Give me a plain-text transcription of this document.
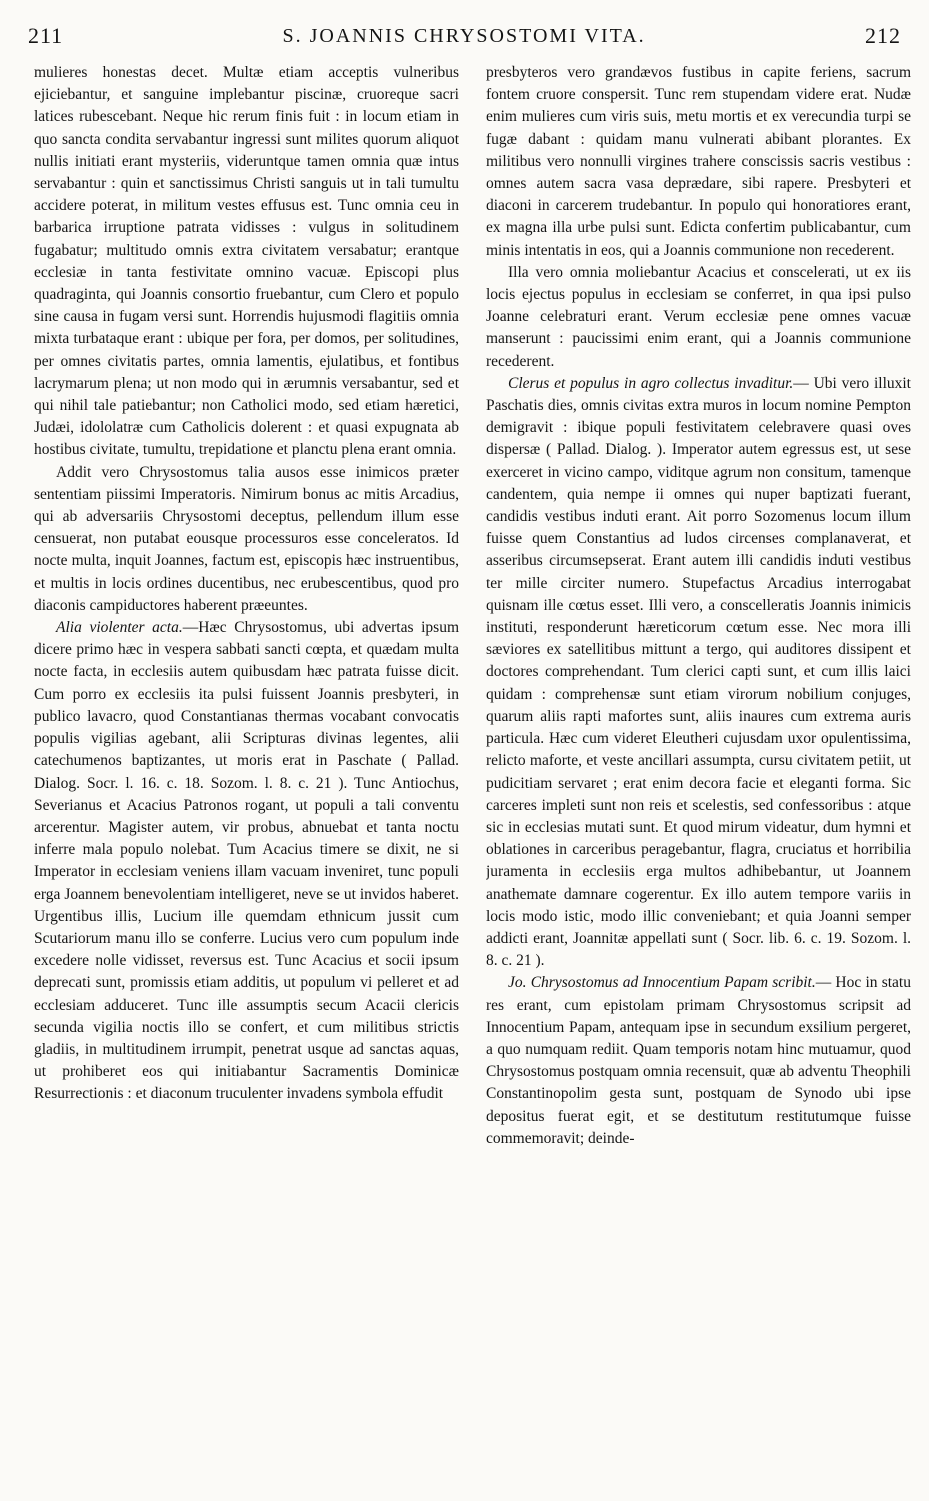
211	S. JOANNIS CHRYSOSTOMI VITA.	212

mulieres honestas decet. Multæ etiam acceptis vulneribus ejiciebantur, et sanguine implebantur piscinæ, cruoreque sacri latices rubescebant. Neque hic rerum finis fuit : in locum etiam in quo sancta condita servabantur ingressi sunt milites quorum aliquot nullis initiati erant mysteriis, videruntque tamen omnia quæ intus servabantur : quin et sanctissimus Christi sanguis ut in tali tumultu accidere poterat, in militum vestes effusus est. Tunc omnia ceu in barbarica irruptione patrata vidisses : vulgus in solitudinem fugabatur; multitudo omnis extra civitatem versabatur; erantque ecclesiæ in tanta festivitate omnino vacuæ. Episcopi plus quadraginta, qui Joannis consortio fruebantur, cum Clero et populo sine causa in fugam versi sunt. Horrendis hujusmodi flagitiis omnia mixta turbataque erant : ubique per fora, per domos, per solitudines, per omnes civitatis partes, omnia lamentis, ejulatibus, et fontibus lacrymarum plena; ut non modo qui in ærumnis versabantur, sed et qui nihil tale patiebantur; non Catholici modo, sed etiam hæretici, Judæi, idololatræ cum Catholicis dolerent : et quasi expugnata ab hostibus civitate, tumultu, trepidatione et planctu plena erant omnia.

Addit vero Chrysostomus talia ausos esse inimicos præter sententiam piissimi Imperatoris. Nimirum bonus ac mitis Arcadius, qui ab adversariis Chrysostomi deceptus, pellendum illum esse censuerat, non putabat eousque processuros esse conceleratos. Id nocte multa, inquit Joannes, factum est, episcopis hæc instruentibus, et multis in locis ordines ducentibus, nec erubescentibus, quod pro diaconis campiductores haberent præeuntes.

Alia violenter acta.—Hæc Chrysostomus, ubi advertas ipsum dicere primo hæc in vespera sabbati sancti cœpta, et quædam multa nocte facta, in ecclesiis autem quibusdam hæc patrata fuisse dicit. Cum porro ex ecclesiis ita pulsi fuissent Joannis presbyteri, in publico lavacro, quod Constantianas thermas vocabant convocatis populis vigilias agebant, alii Scripturas divinas legentes, alii catechumenos baptizantes, ut moris erat in Paschate ( Pallad. Dialog. Socr. l. 16. c. 18. Sozom. l. 8. c. 21 ). Tunc Antiochus, Severianus et Acacius Patronos rogant, ut populi a tali conventu arcerentur. Magister autem, vir probus, abnuebat et tanta noctu inferre mala populo nolebat. Tum Acacius timere se dixit, ne si Imperator in ecclesiam veniens illam vacuam inveniret, tunc populi erga Joannem benevolentiam intelligeret, neve se ut invidos haberet. Urgentibus illis, Lucium ille quemdam ethnicum jussit cum Scutariorum manu illo se conferre. Lucius vero cum populum inde excedere nolle vidisset, reversus est. Tunc Acacius et socii ipsum deprecati sunt, promissis etiam additis, ut populum vi pelleret et ad ecclesiam adduceret. Tunc ille assumptis secum Acacii clericis secunda vigilia noctis illo se confert, et cum militibus strictis gladiis, in multitudinem irrumpit, penetrat usque ad sanctas aquas, ut prohiberet eos qui initiabantur Sacramentis Dominicæ Resurrectionis : et diaconum truculenter invadens symbola effudit

presbyteros vero grandævos fustibus in capite feriens, sacrum fontem cruore conspersit. Tunc rem stupendam videre erat. Nudæ enim mulieres cum viris suis, metu mortis et ex verecundia turpi se fugæ dabant : quidam manu vulnerati abibant plorantes. Ex militibus vero nonnulli virgines trahere conscissis sacris vestibus : omnes autem sacra vasa deprædare, sibi rapere. Presbyteri et diaconi in carcerem trudebantur. In populo qui honoratiores erant, ex magna illa urbe pulsi sunt. Edicta confertim publicabantur, cum minis intentatis in eos, qui a Joannis communione non recederent.

Illa vero omnia moliebantur Acacius et conscelerati, ut ex iis locis ejectus populus in ecclesiam se conferret, in qua ipsi pulso Joanne celebraturi erant. Verum ecclesiæ pene omnes vacuæ manserunt : paucissimi enim erant, qui a Joannis communione recederent.

Clerus et populus in agro collectus invaditur.— Ubi vero illuxit Paschatis dies, omnis civitas extra muros in locum nomine Pempton demigravit : ibique populi festivitatem celebravere quasi oves dispersæ ( Pallad. Dialog. ). Imperator autem egressus est, ut sese exerceret in vicino campo, viditque agrum non consitum, tamenque candentem, quia nempe ii omnes qui nuper baptizati fuerant, candidis vestibus induti erant. Ait porro Sozomenus locum illum fuisse quem Constantius ad ludos circenses complanaverat, et asseribus circumsepserat. Erant autem illi candidis induti vestibus ter mille circiter numero. Stupefactus Arcadius interrogabat quisnam ille cœtus esset. Illi vero, a conscelleratis Joannis inimicis instituti, responderunt hæreticorum cœtum esse. Nec mora illi sæviores ex satellitibus mittunt a tergo, qui auditores dissipent et doctores comprehendant. Tum clerici capti sunt, et cum illis laici quidam : comprehensæ sunt etiam virorum nobilium conjuges, quarum aliis rapti mafortes sunt, aliis inaures cum extrema auris particula. Hæc cum videret Eleutheri cujusdam uxor opulentissima, relicto maforte, et veste ancillari assumpta, cursu civitatem petiit, ut pudicitiam servaret ; erat enim decora facie et eleganti forma. Sic carceres impleti sunt non reis et scelestis, sed confessoribus : atque sic in ecclesias mutati sunt. Et quod mirum videatur, dum hymni et oblationes in carceribus peragebantur, flagra, cruciatus et horribilia juramenta in ecclesiis erga multos adhibebantur, ut Joannem anathemate damnare cogerentur. Ex illo autem tempore variis in locis modo istic, modo illic conveniebant; et quia Joanni semper addicti erant, Joannitæ appellati sunt ( Socr. lib. 6. c. 19. Sozom. l. 8. c. 21 ).

Jo. Chrysostomus ad Innocentium Papam scribit.— Hoc in statu res erant, cum epistolam primam Chrysostomus scripsit ad Innocentium Papam, antequam ipse in secundum exsilium pergeret, a quo numquam rediit. Quam temporis notam hinc mutuamur, quod Chrysostomus postquam omnia recensuit, quæ ab adventu Theophili Constantinopolim gesta sunt, postquam de Synodo ubi ipse depositus fuerat egit, et se destitutum restitutumque fuisse commemoravit; deinde-
